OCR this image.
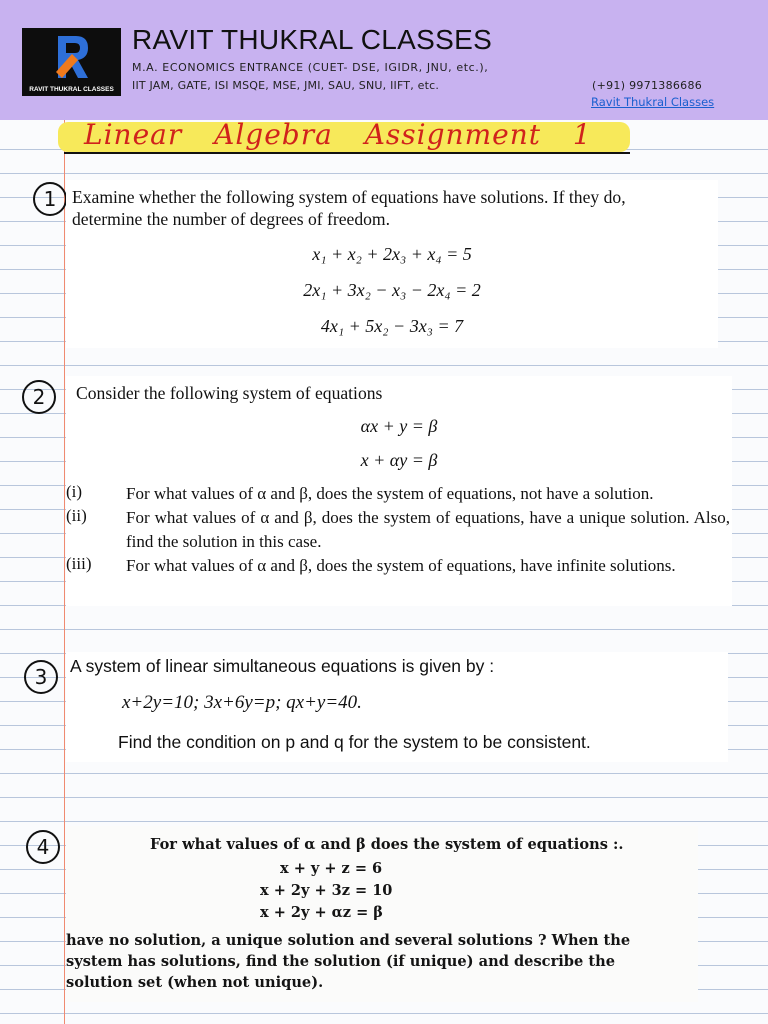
RAVIT THUKRAL CLASSES
RAVIT THUKRAL CLASSES
M.A. ECONOMICS ENTRANCE (CUET- DSE, IGIDR, JNU, etc.),
IIT JAM, GATE, ISI MSQE, MSE, JMI, SAU, SNU, IIFT, etc.	(+91) 9971386686
Ravit Thukral Classes
Linear Algebra Assignment 1
1 Examine whether the following system of equations have solutions. If they do,
determine the number of degrees of freedom.
x₁ + x₂ + 2x₃ + x₄ = 5
2x₁ + 3x₂ − x₃ − 2x₄ = 2
4x₁ + 5x₂ − 3x₃ = 7
2	Consider the following system of equations
αx + y = β
x + αy = β
(i)	For what values of α and β, does the system of equations, not have a solution.
(ii) For what values of α and β, does the system of equations, have a unique solution. Also, find the solution in this case.
(iii) For what values of α and β, does the system of equations, have infinite solutions.
3	A system of linear simultaneous equations is given by :
x+2y=10; 3x+6y=p; qx+y=40.
Find the condition on p and q for the system to be consistent.
4	For what values of α and β does the system of equations :.
x + y + z = 6
x + 2y + 3z = 10
x + 2y + αz = β
have no solution, a unique solution and several solutions ? When the
system has solutions, find the solution (if unique) and describe the
solution set (when not unique).
